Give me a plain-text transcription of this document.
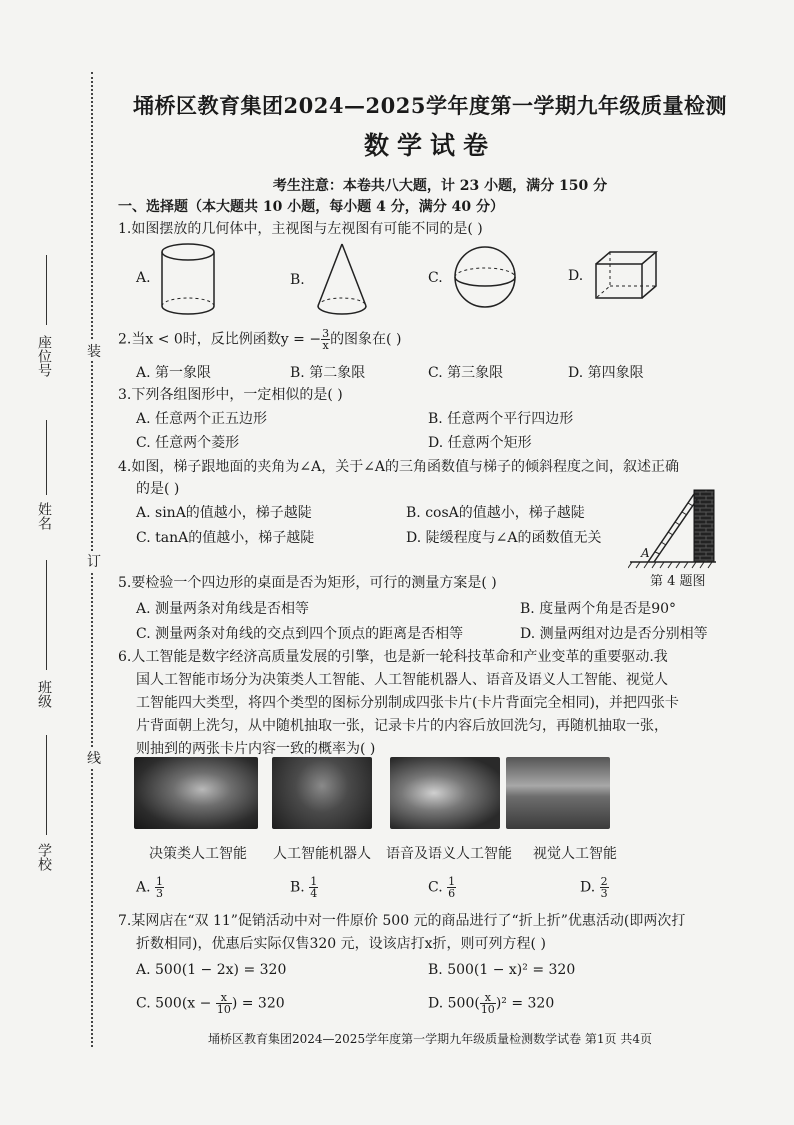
装
订
线
座位号
姓名
班级
学校
埇桥区教育集团2024—2025学年度第一学期九年级质量检测
数学试卷
考生注意：本卷共八大题，计 23 小题，满分 150 分
一、选择题（本大题共 10 小题，每小题 4 分，满分 40 分）
1.如图摆放的几何体中，主视图与左视图有可能不同的是( )
A.	B.	C.	D.
2.当x < 0时，反比例函数y = − $\frac{3}{x}$ 的图象在( )
A. 第一象限	B. 第二象限	C. 第三象限	D. 第四象限
3.下列各组图形中，一定相似的是( )
A. 任意两个正五边形	B. 任意两个平行四边形
C. 任意两个菱形	D. 任意两个矩形
4.如图，梯子跟地面的夹角为∠A，关于∠A的三角函数值与梯子的倾斜程度之间，叙述正确
的是( )
A. sinA的值越小，梯子越陡	B. cosA的值越小，梯子越陡
C. tanA的值越小，梯子越陡	D. 陡缓程度与∠A的函数值无关
A
第 4 题图
5.要检验一个四边形的桌面是否为矩形，可行的测量方案是( )
A. 测量两条对角线是否相等	B. 度量两个角是否是90°
C. 测量两条对角线的交点到四个顶点的距离是否相等	D. 测量两组对边是否分别相等
6.人工智能是数字经济高质量发展的引擎，也是新一轮科技革命和产业变革的重要驱动.我
国人工智能市场分为决策类人工智能、人工智能机器人、语音及语义人工智能、视觉人
工智能四大类型，将四个类型的图标分别制成四张卡片(卡片背面完全相同)，并把四张卡
片背面朝上洗匀，从中随机抽取一张，记录卡片的内容后放回洗匀，再随机抽取一张，
则抽到的两张卡片内容一致的概率为( )
决策类人工智能	人工智能机器人	语音及语义人工智能	视觉人工智能
A. $\frac{1}{3}$	B. $\frac{1}{4}$	C. $\frac{1}{6}$	D. $\frac{2}{3}$
7.某网店在“双 11”促销活动中对一件原价 500 元的商品进行了“折上折”优惠活动(即两次打
折数相同)，优惠后实际仅售320 元，设该店打x折，则可列方程( )
A. 500(1 − 2x) = 320	B. 500(1 − x)² = 320
C. $500(x - \frac{x}{10}$ ) = 320	D. $500( \frac{x}{10} )^2 = 320$
埇桥区教育集团2024—2025学年度第一学期九年级质量检测数学试卷 第1页 共4页
